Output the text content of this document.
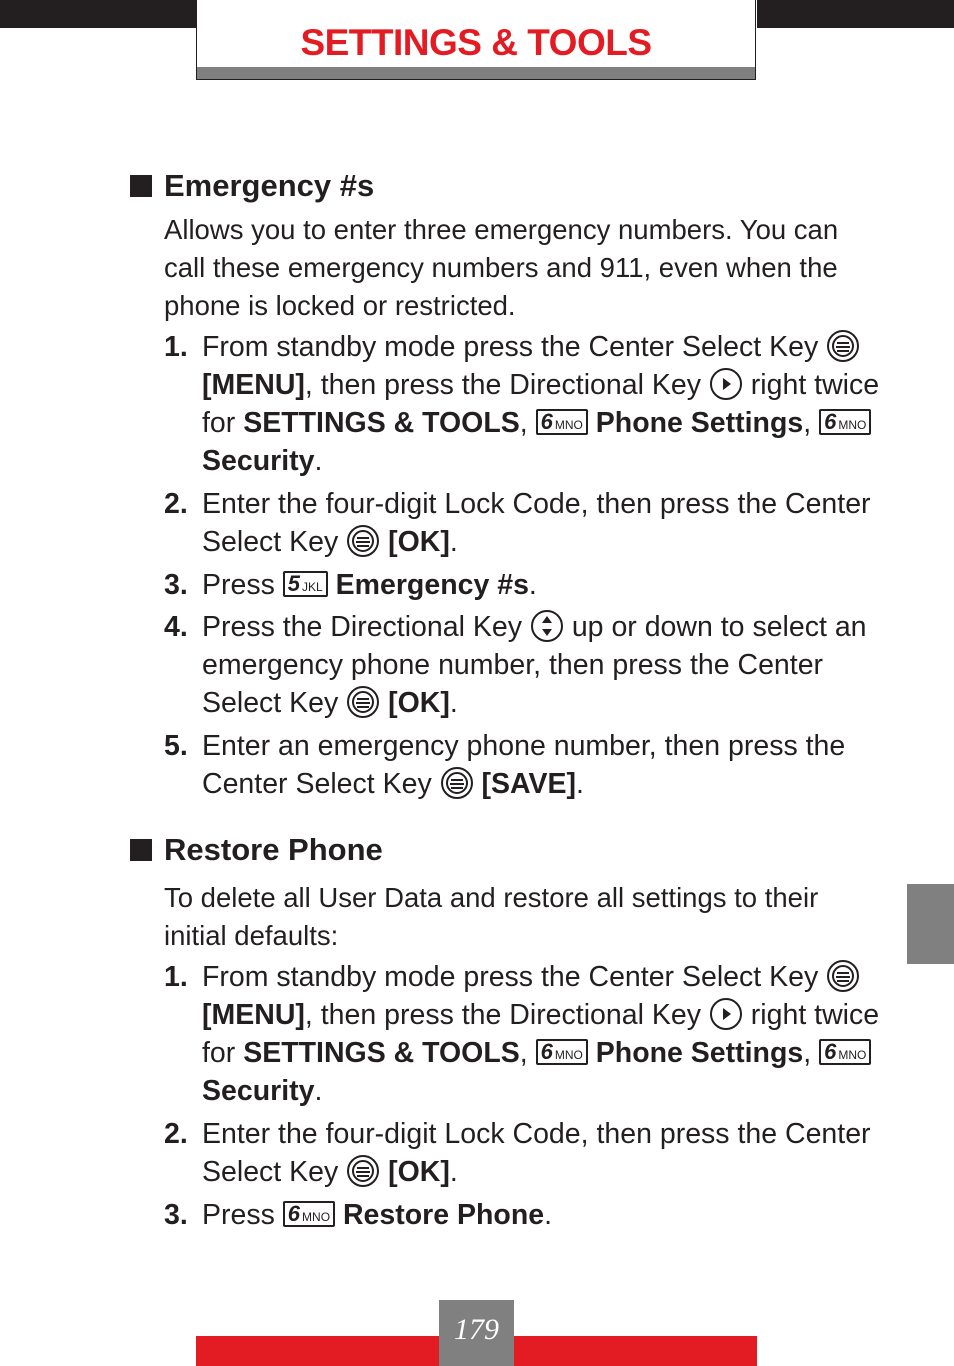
SETTINGS & TOOLS
Emergency #s
Allows you to enter three emergency numbers. You can call these emergency numbers and 911, even when the phone is locked or restricted.
1. From standby mode press the Center Select Key  [MENU], then press the Directional Key right twice for SETTINGS & TOOLS, 6 MNO Phone Settings, 6 MNO Security.
2. Enter the four-digit Lock Code, then press the Center Select Key [OK].
3. Press 5 JKL Emergency #s.
4. Press the Directional Key up or down to select an emergency phone number, then press the Center Select Key [OK].
5. Enter an emergency phone number, then press the Center Select Key [SAVE].
Restore Phone
To delete all User Data and restore all settings to their initial defaults:
1. From standby mode press the Center Select Key  [MENU], then press the Directional Key right twice for SETTINGS & TOOLS, 6 MNO Phone Settings, 6 MNO Security.
2. Enter the four-digit Lock Code, then press the Center Select Key [OK].
3. Press 6 MNO Restore Phone.
179
